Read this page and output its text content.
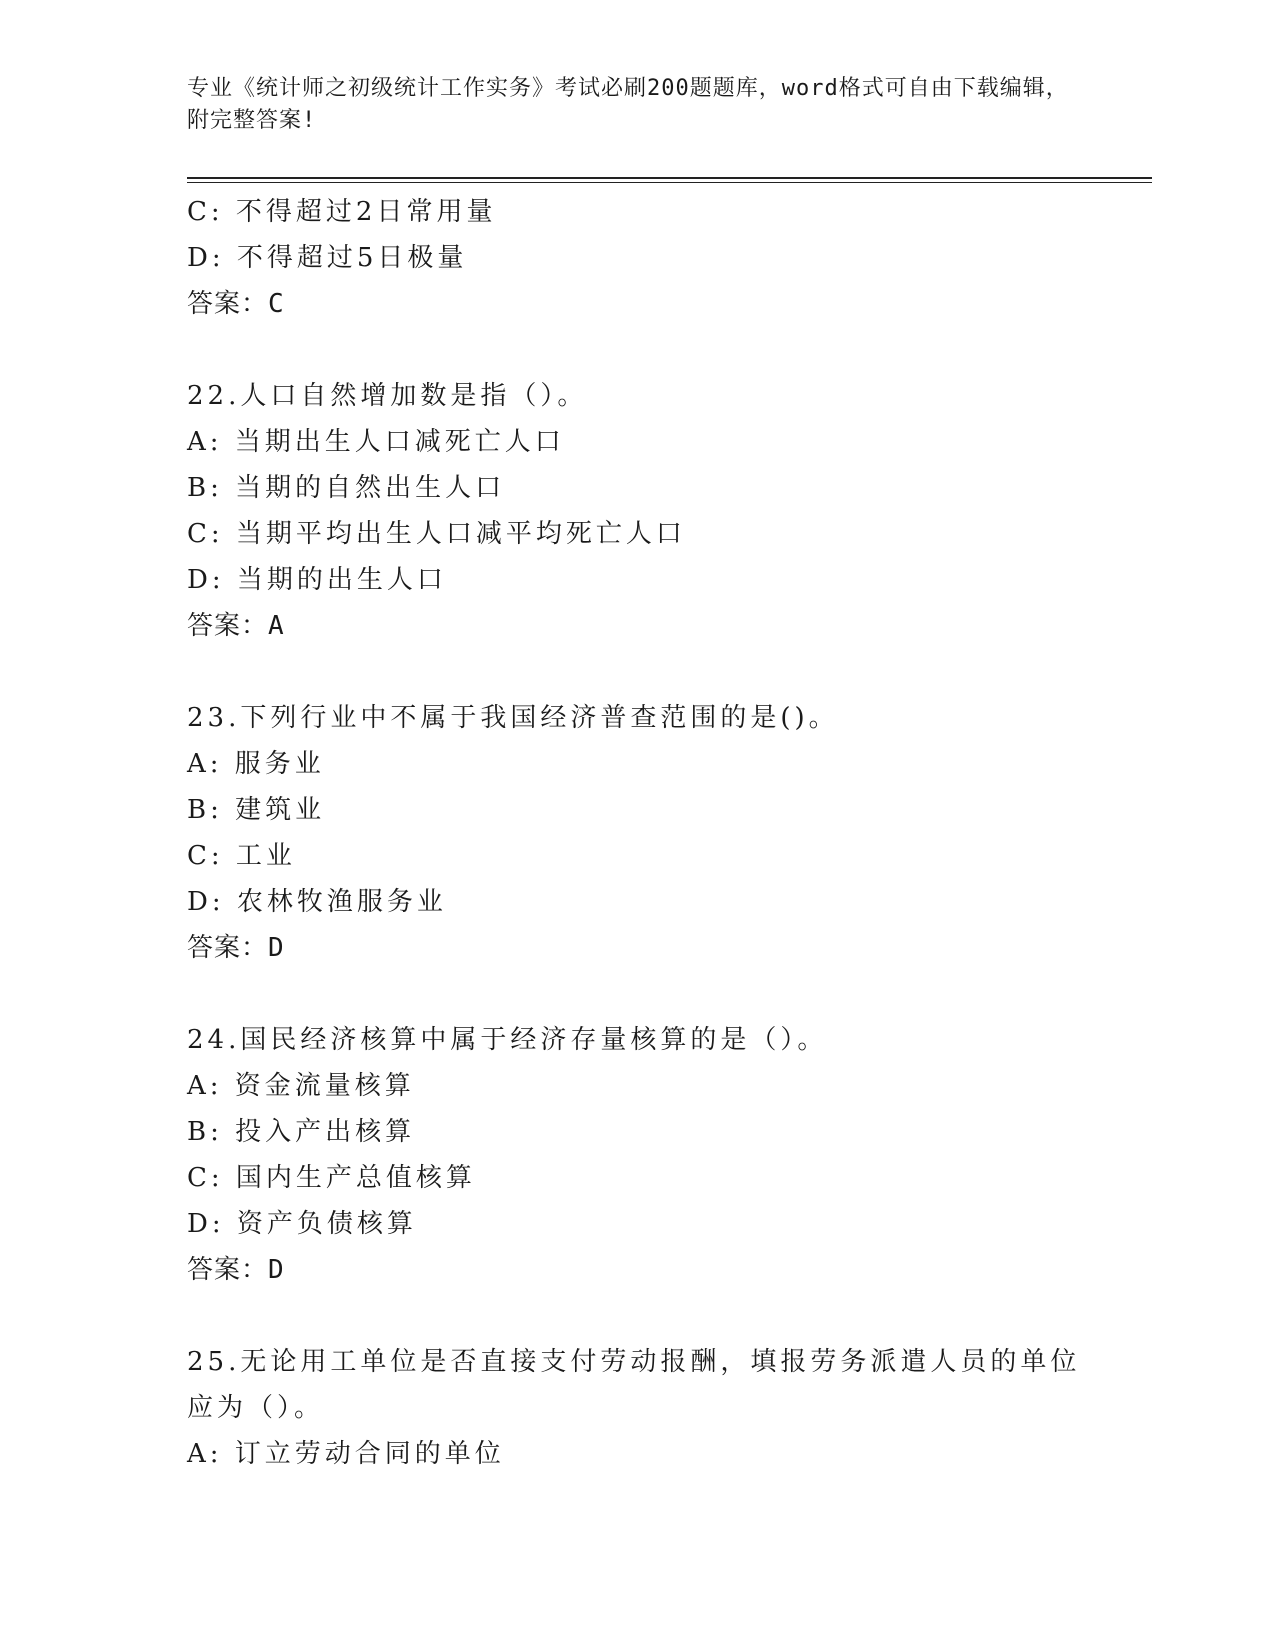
专业《统计师之初级统计工作实务》考试必刷200题题库，word格式可自由下载编辑，附完整答案!
C: 不得超过2日常用量
D: 不得超过5日极量
答案：C
22.人口自然增加数是指（）。
A: 当期出生人口减死亡人口
B: 当期的自然出生人口
C: 当期平均出生人口减平均死亡人口
D: 当期的出生人口
答案：A
23.下列行业中不属于我国经济普查范围的是()。
A: 服务业
B: 建筑业
C: 工业
D: 农林牧渔服务业
答案：D
24.国民经济核算中属于经济存量核算的是（）。
A: 资金流量核算
B: 投入产出核算
C: 国内生产总值核算
D: 资产负债核算
答案：D
25.无论用工单位是否直接支付劳动报酬，填报劳务派遣人员的单位应为（）。
A: 订立劳动合同的单位
